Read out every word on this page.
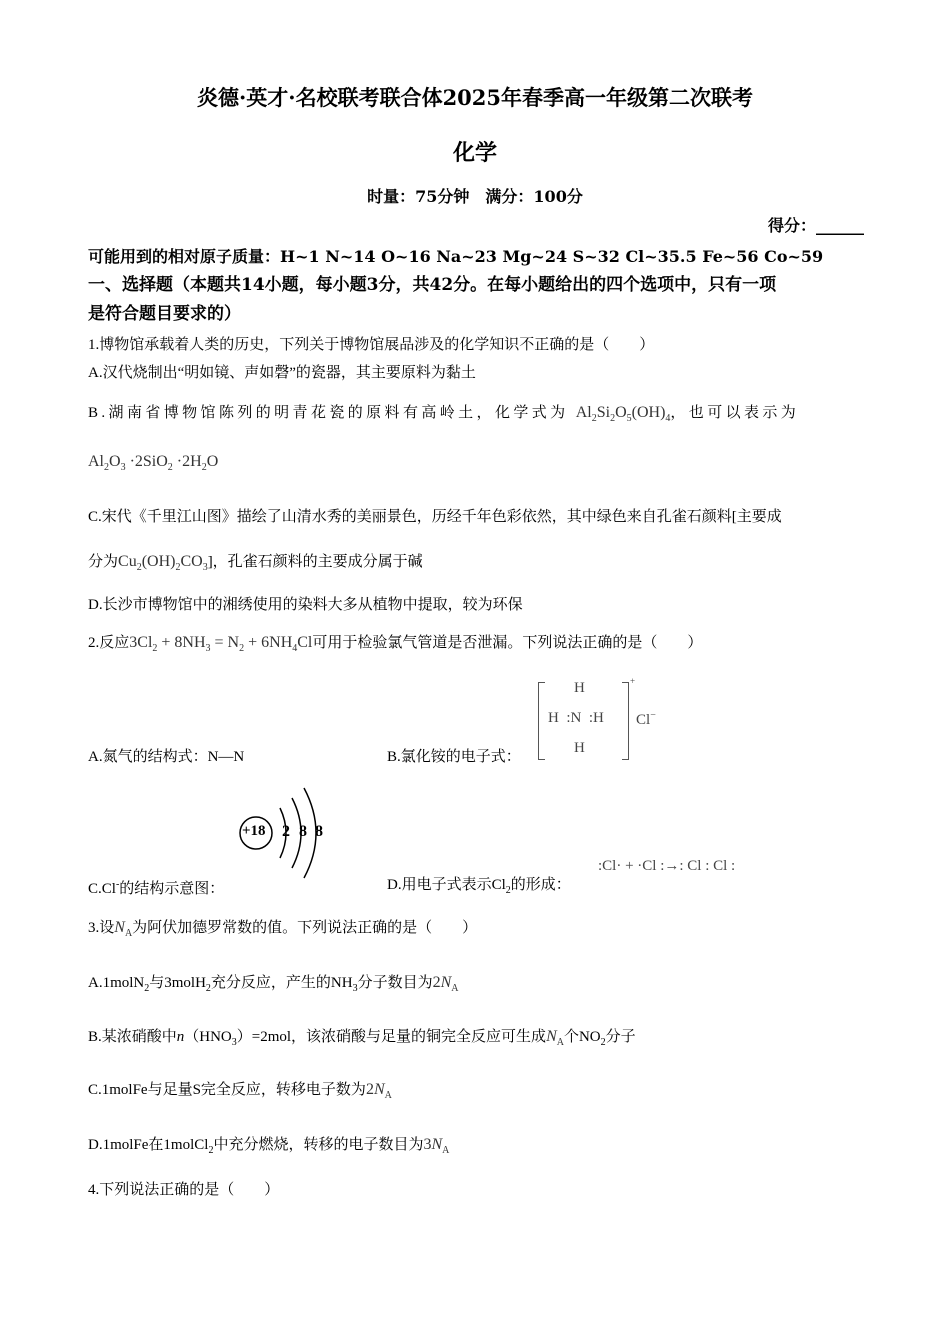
炎德·英才·名校联考联合体2025年春季高一年级第二次联考
化学
时量：75分钟　满分：100分
得分：______
可能用到的相对原子质量：H~1 N~14 O~16 Na~23 Mg~24 S~32 Cl~35.5 Fe~56 Co~59
一、选择题（本题共14小题，每小题3分，共42分。在每小题给出的四个选项中，只有一项
是符合题目要求的）
1.博物馆承载着人类的历史，下列关于博物馆展品涉及的化学知识不正确的是（　　）
A.汉代烧制出“明如镜、声如磬”的瓷器，其主要原料为黏土
B.湖南省博物馆陈列的明青花瓷的原料有高岭土，化学式为 $Al_2Si_2O_5(OH)_4$，也可以表示为
$Al_2O_3 \cdot 2SiO_2 \cdot 2H_2O$
C.宋代《千里江山图》描绘了山清水秀的美丽景色，历经千年色彩依然，其中绿色来自孔雀石颜料[主要成
分为$Cu_2(OH)_2CO_3$]，孔雀石颜料的主要成分属于碱
D.长沙市博物馆中的湘绣使用的染料大多从植物中提取，较为环保
2.反应$3Cl_2 + 8NH_3 = N_2 + 6NH_4Cl$可用于检验氯气管道是否泄漏。下列说法正确的是（　　）
A.氮气的结构式：N—N	B.氯化铵的电子式：
H
H  :N  :H
H
+
Cl−
+18 2 8 8
C.Cl-的结构示意图：	D.用电子式表示$Cl_2$的形成：
:Cl· + ·Cl :→: Cl : Cl :
3.设$N_A$为阿伏加德罗常数的值。下列说法正确的是（　　）
A.1molN$_2$与3molH$_2$充分反应，产生的$NH_3$分子数目为$2N_A$
B.某浓硝酸中$n(HNO_3)=2mol$，该浓硝酸与足量的铜完全反应可生成$N_A$个$NO_2$分子
C.1molFe与足量S完全反应，转移电子数为$2N_A$
D.1molFe在1molCl$_2$中充分燃烧，转移的电子数目为$3N_A$
4.下列说法正确的是（　　）
